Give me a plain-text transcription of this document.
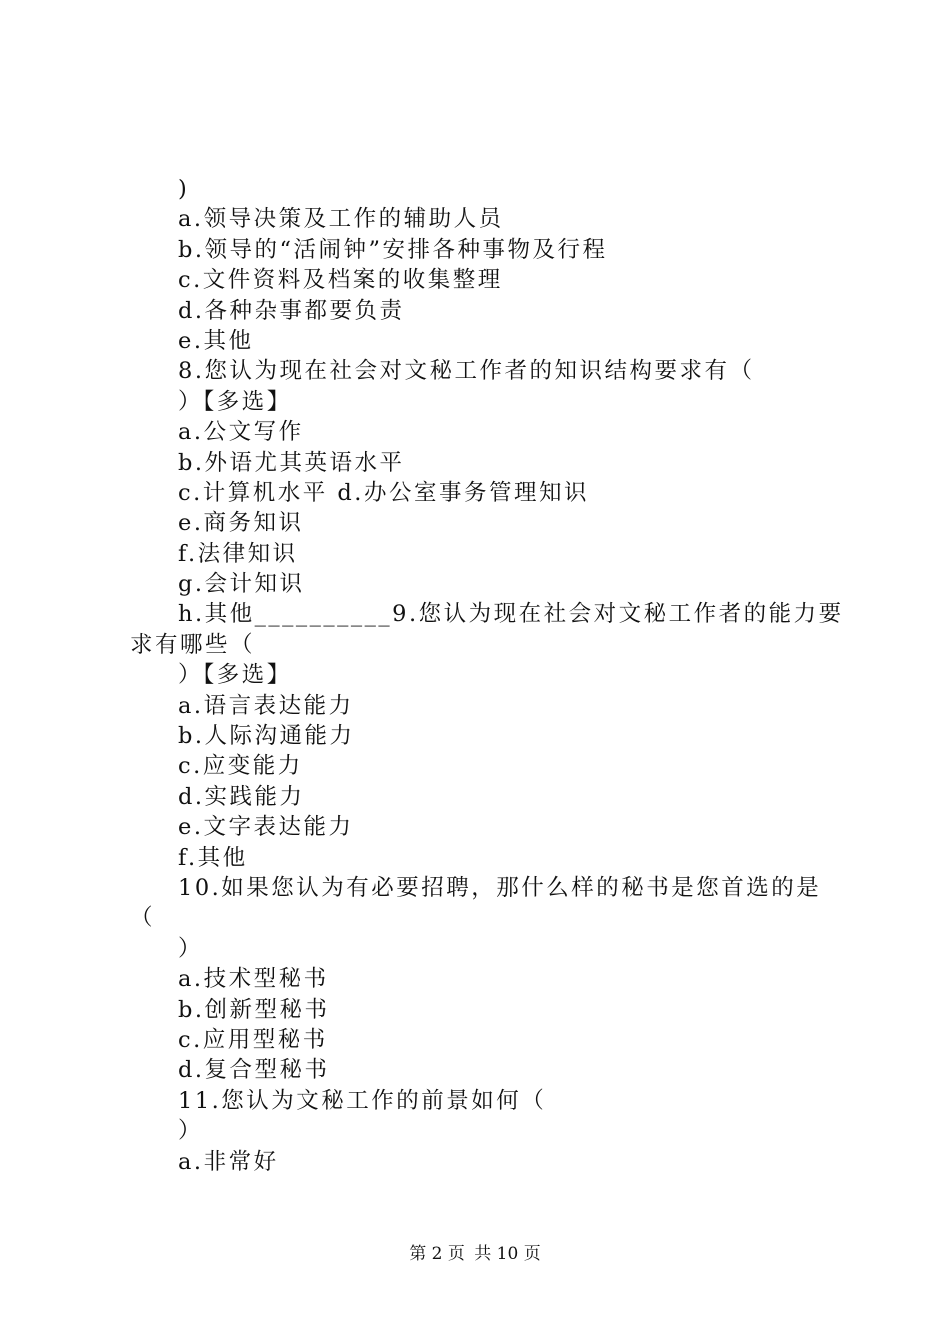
)
a.领导决策及工作的辅助人员
b.领导的“活闹钟”安排各种事物及行程
c.文件资料及档案的收集整理
d.各种杂事都要负责
e.其他
8.您认为现在社会对文秘工作者的知识结构要求有（
）【多选】
a.公文写作
b.外语尤其英语水平
c.计算机水平 d.办公室事务管理知识
e.商务知识
f.法律知识
g.会计知识
h.其他__________9.您认为现在社会对文秘工作者的能力要
求有哪些（
）【多选】
a.语言表达能力
b.人际沟通能力
c.应变能力
d.实践能力
e.文字表达能力
f.其他
10.如果您认为有必要招聘，那什么样的秘书是您首选的是
（
）
a.技术型秘书
b.创新型秘书
c.应用型秘书
d.复合型秘书
11.您认为文秘工作的前景如何（
）
a.非常好
第 2 页 共 10 页
